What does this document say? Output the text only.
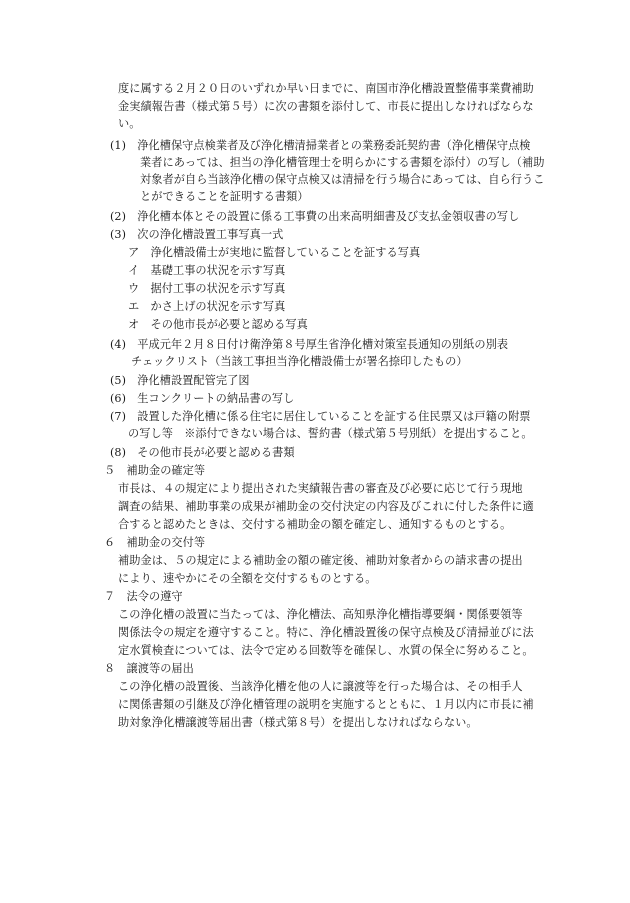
度に属する２月２０日のいずれか早い日までに、南国市浄化槽設置整備事業費補助
金実績報告書（様式第５号）に次の書類を添付して、市長に提出しなければならな
い。
(1)　浄化槽保守点検業者及び浄化槽清掃業者との業務委託契約書（浄化槽保守点検
業者にあっては、担当の浄化槽管理士を明らかにする書類を添付）の写し（補助
対象者が自ら当該浄化槽の保守点検又は清掃を行う場合にあっては、自ら行うこ
とができることを証明する書類）
(2)　浄化槽本体とその設置に係る工事費の出来高明細書及び支払金領収書の写し
(3)　次の浄化槽設置工事写真一式
ア　浄化槽設備士が実地に監督していることを証する写真
イ　基礎工事の状況を示す写真
ウ　据付工事の状況を示す写真
エ　かさ上げの状況を示す写真
オ　その他市長が必要と認める写真
(4)　平成元年２月８日付け衛浄第８号厚生省浄化槽対策室長通知の別紙の別表
チェックリスト（当該工事担当浄化槽設備士が署名捺印したもの）
(5)　浄化槽設置配管完了図
(6)　生コンクリートの納品書の写し
(7)　設置した浄化槽に係る住宅に居住していることを証する住民票又は戸籍の附票
の写し等　※添付できない場合は、誓約書（様式第５号別紙）を提出すること。
(8)　その他市長が必要と認める書類
５　補助金の確定等
市長は、４の規定により提出された実績報告書の審査及び必要に応じて行う現地
調査の結果、補助事業の成果が補助金の交付決定の内容及びこれに付した条件に適
合すると認めたときは、交付する補助金の額を確定し、通知するものとする。
６　補助金の交付等
補助金は、５の規定による補助金の額の確定後、補助対象者からの請求書の提出
により、速やかにその全額を交付するものとする。
７　法令の遵守
この浄化槽の設置に当たっては、浄化槽法、高知県浄化槽指導要綱・関係要領等
関係法令の規定を遵守すること。特に、浄化槽設置後の保守点検及び清掃並びに法
定水質検査については、法令で定める回数等を確保し、水質の保全に努めること。
８　譲渡等の届出
この浄化槽の設置後、当該浄化槽を他の人に譲渡等を行った場合は、その相手人
に関係書類の引継及び浄化槽管理の説明を実施するとともに、１月以内に市長に補
助対象浄化槽譲渡等届出書（様式第８号）を提出しなければならない。
